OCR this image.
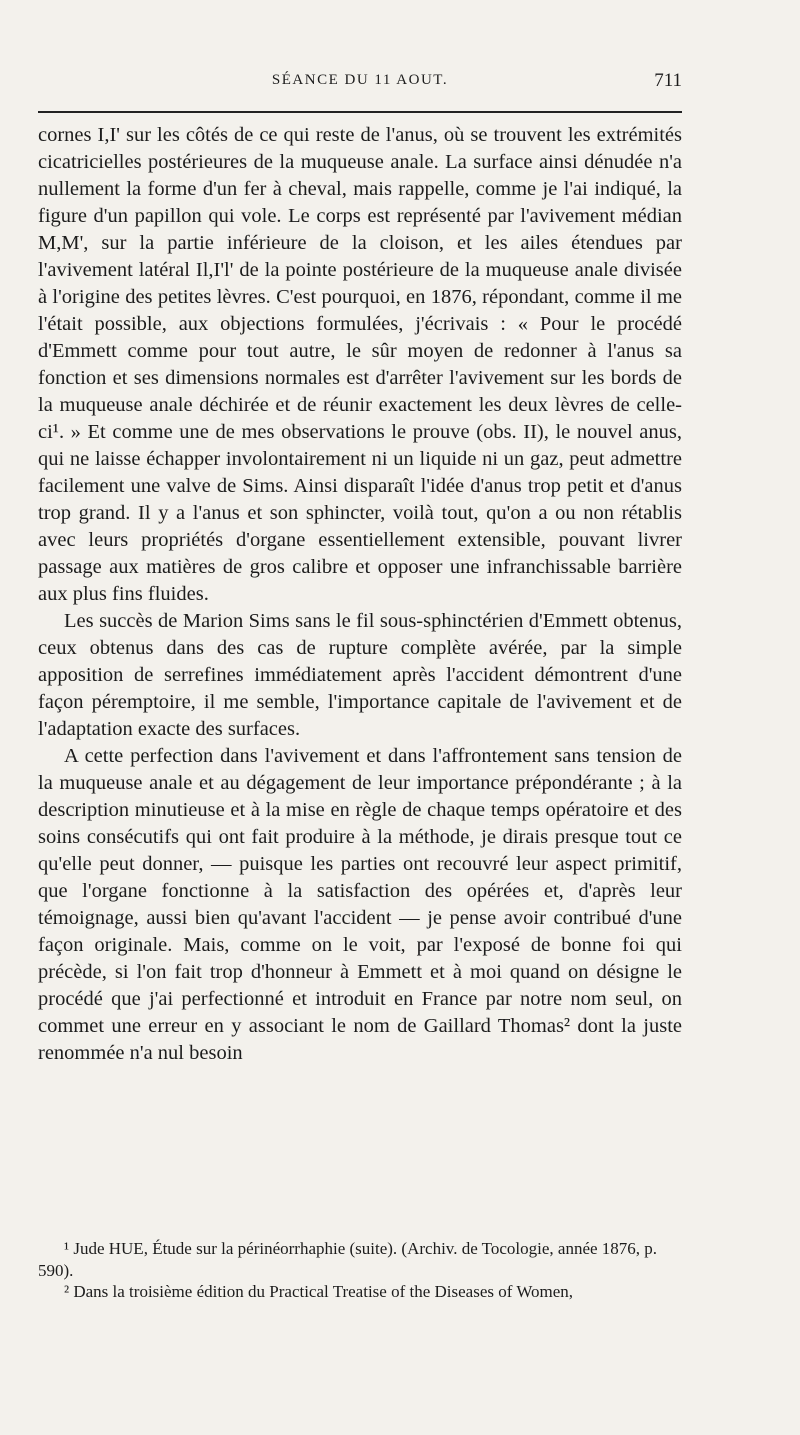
SÉANCE DU 11 AOUT.	711

cornes I,I' sur les côtés de ce qui reste de l'anus, où se trouvent les extrémités cicatricielles postérieures de la muqueuse anale. La surface ainsi dénudée n'a nullement la forme d'un fer à cheval, mais rappelle, comme je l'ai indiqué, la figure d'un papillon qui vole. Le corps est représenté par l'avivement médian M,M', sur la partie inférieure de la cloison, et les ailes étendues par l'avivement latéral Il,I'l' de la pointe postérieure de la muqueuse anale divisée à l'origine des petites lèvres. C'est pourquoi, en 1876, répondant, comme il me l'était possible, aux objections formulées, j'écrivais : « Pour le procédé d'Emmett comme pour tout autre, le sûr moyen de redonner à l'anus sa fonction et ses dimensions normales est d'arrêter l'avivement sur les bords de la muqueuse anale déchirée et de réunir exactement les deux lèvres de celle-ci¹. » Et comme une de mes observations le prouve (obs. II), le nouvel anus, qui ne laisse échapper involontairement ni un liquide ni un gaz, peut admettre facilement une valve de Sims. Ainsi disparaît l'idée d'anus trop petit et d'anus trop grand. Il y a l'anus et son sphincter, voilà tout, qu'on a ou non rétablis avec leurs propriétés d'organe essentiellement extensible, pouvant livrer passage aux matières de gros calibre et opposer une infranchissable barrière aux plus fins fluides.

Les succès de Marion Sims sans le fil sous-sphinctérien d'Emmett obtenus, ceux obtenus dans des cas de rupture complète avérée, par la simple apposition de serrefines immédiatement après l'accident démontrent d'une façon péremptoire, il me semble, l'importance capitale de l'avivement et de l'adaptation exacte des surfaces.

A cette perfection dans l'avivement et dans l'affrontement sans tension de la muqueuse anale et au dégagement de leur importance prépondérante ; à la description minutieuse et à la mise en règle de chaque temps opératoire et des soins consécutifs qui ont fait produire à la méthode, je dirais presque tout ce qu'elle peut donner, — puisque les parties ont recouvré leur aspect primitif, que l'organe fonctionne à la satisfaction des opérées et, d'après leur témoignage, aussi bien qu'avant l'accident — je pense avoir contribué d'une façon originale. Mais, comme on le voit, par l'exposé de bonne foi qui précède, si l'on fait trop d'honneur à Emmett et à moi quand on désigne le procédé que j'ai perfectionné et introduit en France par notre nom seul, on commet une erreur en y associant le nom de Gaillard Thomas² dont la juste renommée n'a nul besoin

¹ Jude HUE, Étude sur la périnéorrhaphie (suite). (Archiv. de Tocologie, année 1876, p. 590).

² Dans la troisième édition du Practical Treatise of the Diseases of Women,
